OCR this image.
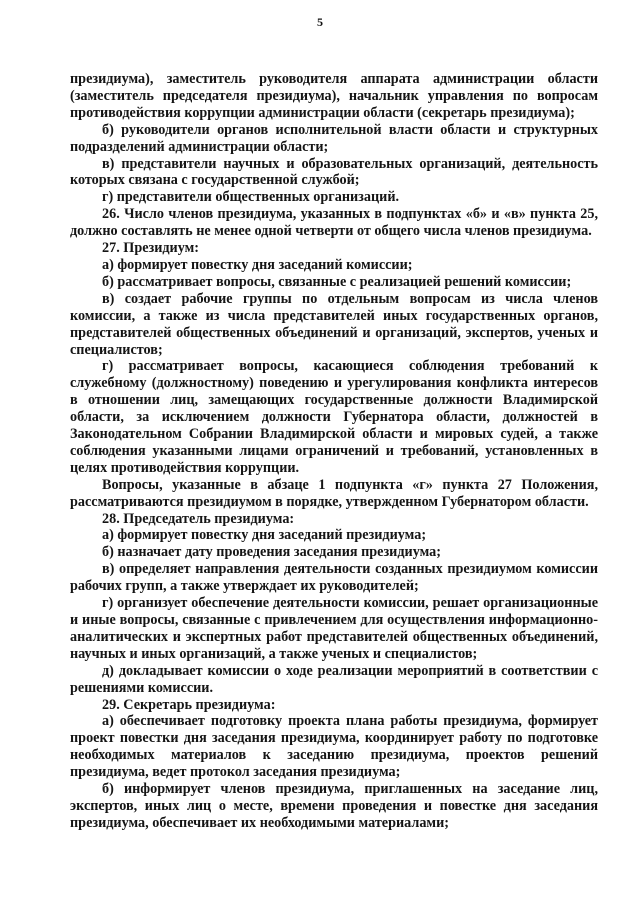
5

президиума), заместитель руководителя аппарата администрации области (заместитель председателя президиума), начальник управления по вопросам противодействия коррупции администрации области (секретарь президиума);

б) руководители органов исполнительной власти области и структурных подразделений администрации области;

в) представители научных и образовательных организаций, деятельность которых связана с государственной службой;

г) представители общественных организаций.

26. Число членов президиума, указанных в подпунктах «б» и «в» пункта 25, должно составлять не менее одной четверти от общего числа членов президиума.

27. Президиум:

а) формирует повестку дня заседаний комиссии;

б) рассматривает вопросы, связанные с реализацией решений комиссии;

в) создает рабочие группы по отдельным вопросам из числа членов комиссии, а также из числа представителей иных государственных органов, представителей общественных объединений и организаций, экспертов, ученых и специалистов;

г) рассматривает вопросы, касающиеся соблюдения требований к служебному (должностному) поведению и урегулирования конфликта интересов в отношении лиц, замещающих государственные должности Владимирской области, за исключением должности Губернатора области, должностей в Законодательном Собрании Владимирской области и мировых судей, а также соблюдения указанными лицами ограничений и требований, установленных в целях противодействия коррупции.

Вопросы, указанные в абзаце 1 подпункта «г» пункта 27 Положения, рассматриваются президиумом в порядке, утвержденном Губернатором области.

28. Председатель президиума:

а) формирует повестку дня заседаний президиума;

б) назначает дату проведения заседания президиума;

в) определяет направления деятельности созданных президиумом комиссии рабочих групп, а также утверждает их руководителей;

г) организует обеспечение деятельности комиссии, решает организационные и иные вопросы, связанные с привлечением для осуществления информационно-аналитических и экспертных работ представителей общественных объединений, научных и иных организаций, а также ученых и специалистов;

д) докладывает комиссии о ходе реализации мероприятий в соответствии с решениями комиссии.

29. Секретарь президиума:

а) обеспечивает подготовку проекта плана работы президиума, формирует проект повестки дня заседания президиума, координирует работу по подготовке необходимых материалов к заседанию президиума, проектов решений президиума, ведет протокол заседания президиума;

б) информирует членов президиума, приглашенных на заседание лиц, экспертов, иных лиц о месте, времени проведения и повестке дня заседания президиума, обеспечивает их необходимыми материалами;
